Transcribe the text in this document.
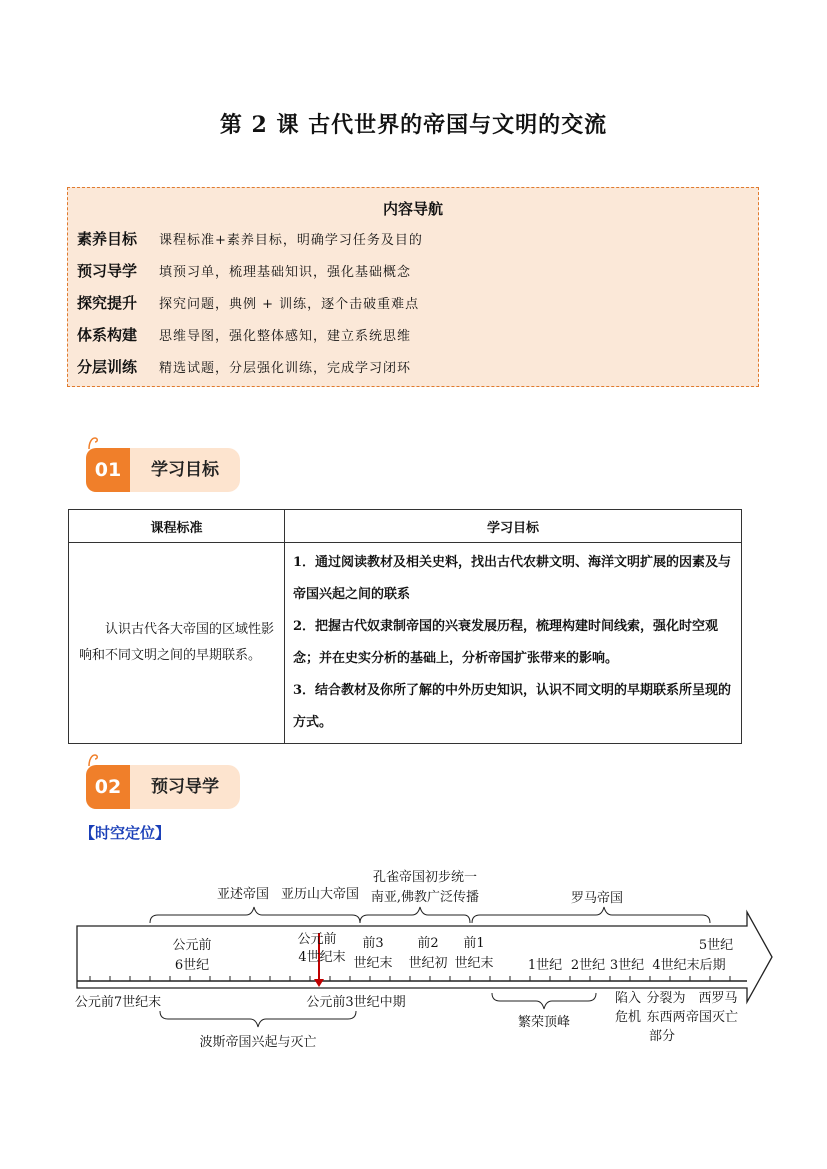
第 2 课 古代世界的帝国与文明的交流
内容导航
素养目标 课程标准+素养目标，明确学习任务及目的
预习导学 填预习单，梳理基础知识，强化基础概念
探究提升 探究问题，典例 + 训练，逐个击破重难点
体系构建 思维导图，强化整体感知，建立系统思维
分层训练 精选试题，分层强化训练，完成学习闭环
01	学习目标
课程标准	学习目标

认识古代各大帝国的区域性影响和不同文明之间的早期联系。	1．通过阅读教材及相关史料，找出古代农耕文明、海洋文明扩展的因素及与帝国兴起之间的联系
2．把握古代奴隶制帝国的兴衰发展历程，梳理构建时间线索，强化时空观念；并在史实分析的基础上，分析帝国扩张带来的影响。
3．结合教材及你所了解的中外历史知识，认识不同文明的早期联系所呈现的方式。
02	预习导学
【时空定位】
亚述帝国 亚历山大帝国
孔雀帝国初步统一
南亚,佛教广泛传播	罗马帝国
公元前
6世纪
公元前
4世纪末
前3
世纪末
前2
世纪初
前1
世纪末	1世纪 2世纪 3世纪 4世纪末后期
5世纪
公元前7世纪末	公元前3世纪中期
波斯帝国兴起与灭亡
繁荣顶峰
陷入
危机
分裂为
东西两
部分
西罗马
帝国灭亡
